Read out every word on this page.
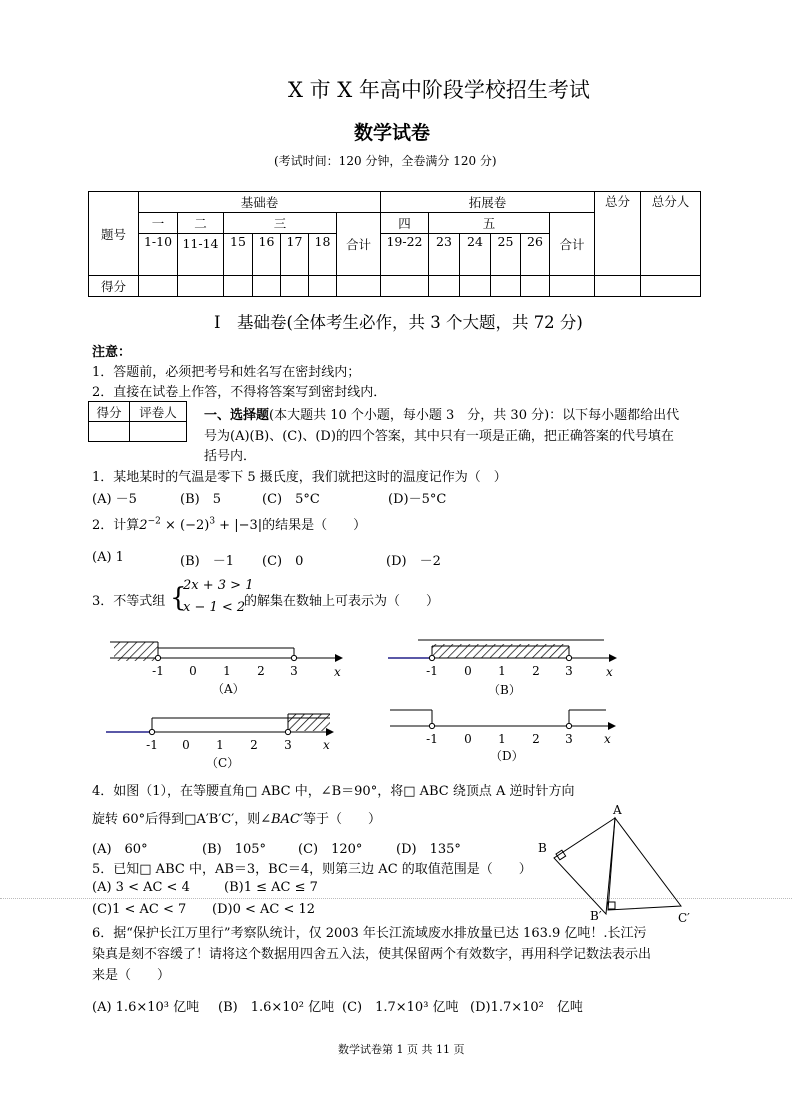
X 市 X 年高中阶段学校招生考试
数学试卷
(考试时间：120 分钟，全卷满分 120 分)
题号	基础卷							拓展卷						总分	总分人
	一	二	三				合计	四	五				合计		
	1-10	11-14	15	16	17	18		19-22	23	24	25	26			
得分															
I　基础卷(全体考生必作，共 3 个大题，共 72 分)
注意：
1．答题前，必须把考号和姓名写在密封线内；
2．直接在试卷上作答，不得将答案写到密封线内．
得分	评卷人
	一、选择题(本大题共 10 个小题，每小题 3　分，共 30 分)：以下每小题都给出代
号为(A)(B)、(C)、(D)的四个答案，其中只有一项是正确，把正确答案的代号填在
括号内．
1．某地某时的气温是零下 5 摄氏度，我们就把这时的温度记作为（　）
(A) －5	(B)　5	(C)　5°C	(D)－5°C
2．计算$2^{-2} \times (-2)^3 + |-3|$的结果是（　　）
(A) 1	(B)　－1 (C)　0	(D)　－2
3．不等式组 {
2x + 3 > 1
x − 1 < 2
的解集在数轴上可表示为（　　）
-1 0 1 2 3	x
（A）
-1 0 1 2 3	x
（B）
-1 0 1 2 3	x
（C）
-1 0 1 2 3	x
（D）
4．如图（1），在等腰直角□ ABC 中，∠B＝90°，将□ ABC 绕顶点 A 逆时针方向
旋转 60°后得到□A′B′C′，则∠BAC′等于（　　）
(A)　60°	(B)　105° (C)　120°	(D)　135°
5．已知□ ABC 中，AB＝3，BC＝4，则第三边 AC 的取值范围是（　　）
(A) 3 < AC < 4	(B)1 ≤ AC ≤ 7
(C)1 < AC < 7 (D)0 < AC < 12
A
B
B′	C′
6．据“保护长江万里行”考察队统计，仅 2003 年长江流域废水排放量已达 163.9 亿吨！.长江污
染真是刻不容缓了！请将这个数据用四舍五入法，使其保留两个有效数字，再用科学记数法表示出
来是（　　）
(A) 1.6×10³ 亿吨 (B)　1.6×10² 亿吨 (C)　1.7×10³ 亿吨 (D)1.7×10²　亿吨
数学试卷第 1 页 共 11 页
